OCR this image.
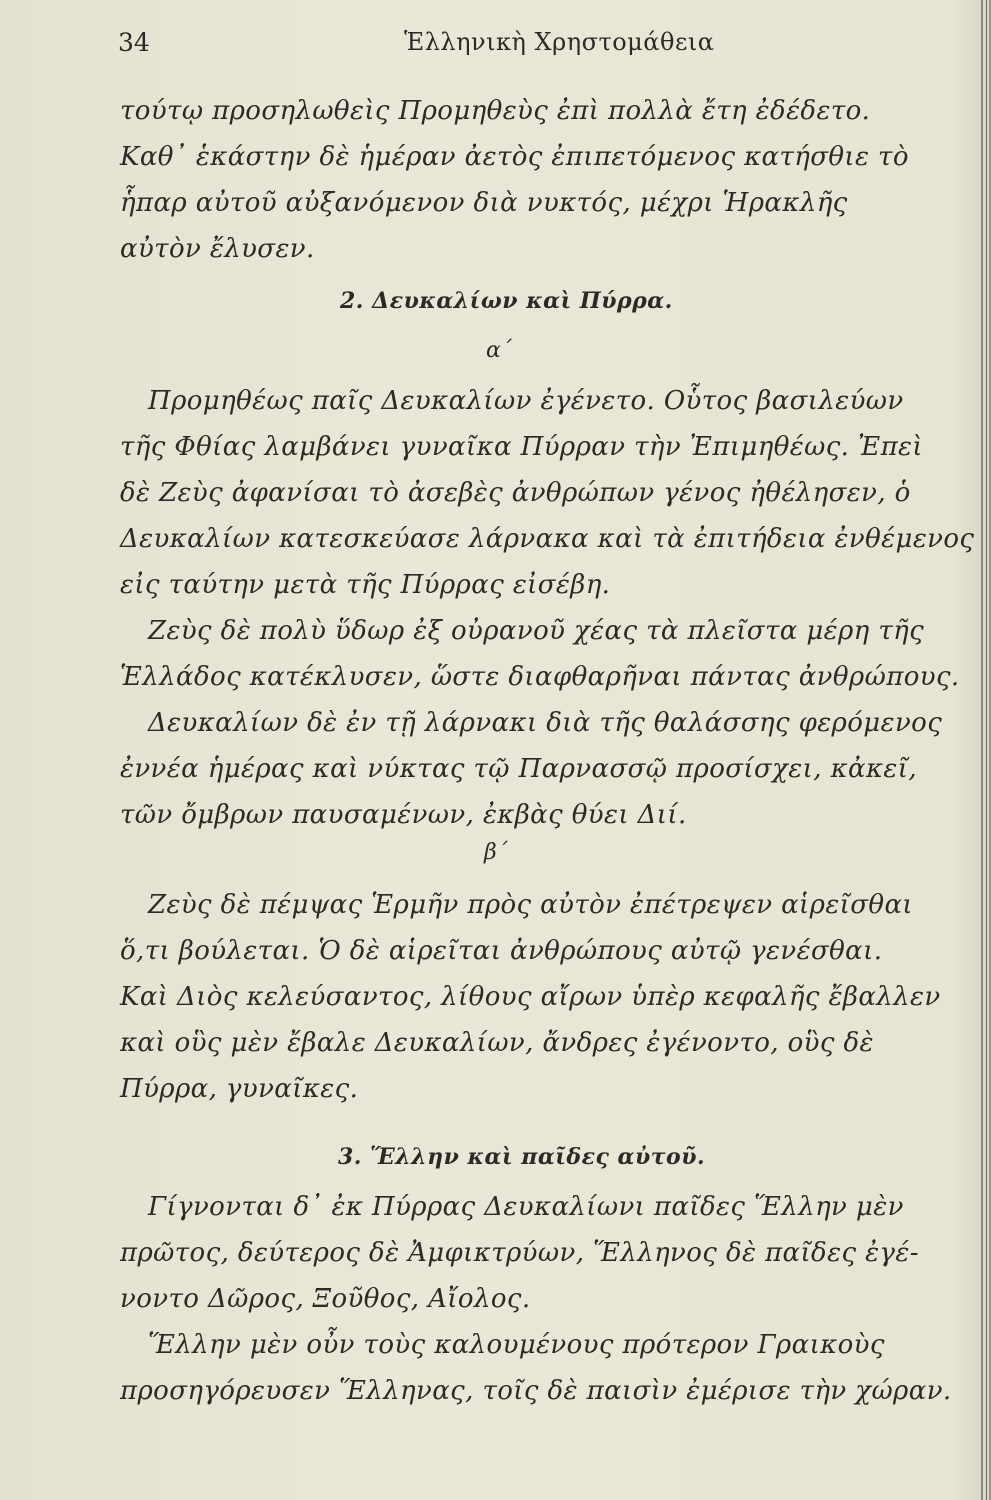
34	Ἑλληνικὴ Χρηστομάθεια
τούτῳ προσηλωθεὶς Προμηθεὺς ἐπὶ πολλὰ ἔτη ἐδέδετο.
Καθ᾽ ἑκάστην δὲ ἡμέραν ἀετὸς ἐπιπετόμενος κατήσθιε τὸ
ἧπαρ αὐτοῦ αὐξανόμενον διὰ νυκτός, μέχρι Ἡρακλῆς
αὐτὸν ἔλυσεν.
2. Δευκαλίων καὶ Πύρρα.
α΄
Προμηθέως παῖς Δευκαλίων ἐγένετο. Οὗτος βασιλεύων
τῆς Φθίας λαμβάνει γυναῖκα Πύρραν τὴν Ἐπιμηθέως. Ἐπεὶ
δὲ Ζεὺς ἀφανίσαι τὸ ἀσεβὲς ἀνθρώπων γένος ἠθέλησεν, ὁ
Δευκαλίων κατεσκεύασε λάρνακα καὶ τὰ ἐπιτήδεια ἐνθέμενος
εἰς ταύτην μετὰ τῆς Πύρρας εἰσέβη.
Ζεὺς δὲ πολὺ ὕδωρ ἐξ οὐρανοῦ χέας τὰ πλεῖστα μέρη τῆς
Ἑλλάδος κατέκλυσεν, ὥστε διαφθαρῆναι πάντας ἀνθρώπους.
Δευκαλίων δὲ ἐν τῇ λάρνακι διὰ τῆς θαλάσσης φερόμενος
ἐννέα ἡμέρας καὶ νύκτας τῷ Παρνασσῷ προσίσχει, κἀκεῖ,
τῶν ὄμβρων παυσαμένων, ἐκβὰς θύει Διί.
β΄
Ζεὺς δὲ πέμψας Ἑρμῆν πρὸς αὐτὸν ἐπέτρεψεν αἱρεῖσθαι
ὅ,τι βούλεται. Ὁ δὲ αἱρεῖται ἀνθρώπους αὐτῷ γενέσθαι.
Καὶ Διὸς κελεύσαντος, λίθους αἴρων ὑπὲρ κεφαλῆς ἔβαλλεν
καὶ οὓς μὲν ἔβαλε Δευκαλίων, ἄνδρες ἐγένοντο, οὓς δὲ
Πύρρα, γυναῖκες.
3. Ἕλλην καὶ παῖδες αὐτοῦ.
Γίγνονται δ᾽ ἐκ Πύρρας Δευκαλίωνι παῖδες Ἕλλην μὲν
πρῶτος, δεύτερος δὲ Ἀμφικτρύων, Ἕλληνος δὲ παῖδες ἐγέ-
νοντο Δῶρος, Ξοῦθος, Αἴολος.
Ἕλλην μὲν οὖν τοὺς καλουμένους πρότερον Γραικοὺς
προσηγόρευσεν Ἕλληνας, τοῖς δὲ παισὶν ἐμέρισε τὴν χώραν.
